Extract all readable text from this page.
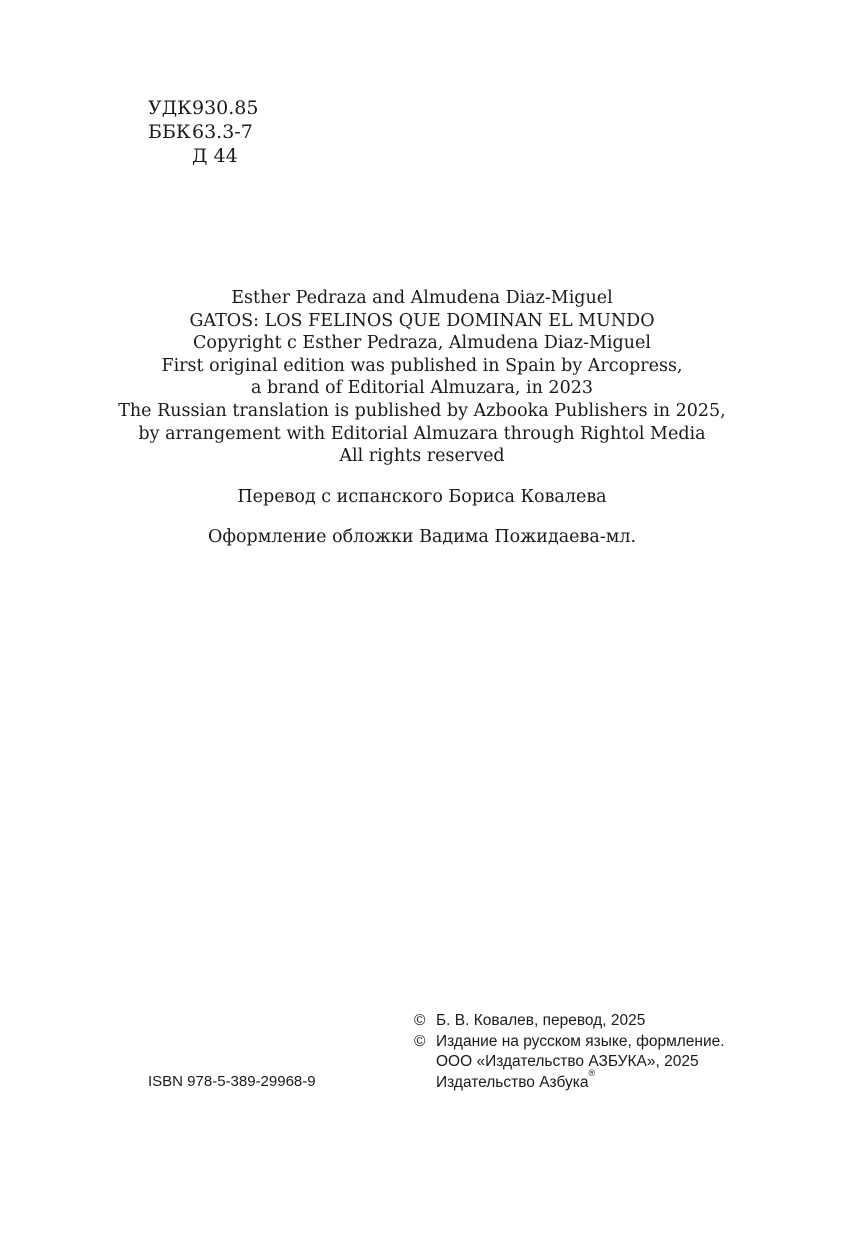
УДК 930.85
ББК 63.3-7
Д 44
Esther Pedraza and Almudena Diaz-Miguel
GATOS: LOS FELINOS QUE DOMINAN EL MUNDO
Copyright с Esther Pedraza, Almudena Diaz-Miguel
First original edition was published in Spain by Arcopress,
a brand of Editorial Almuzara, in 2023
The Russian translation is published by Azbooka Publishers in 2025,
by arrangement with Editorial Almuzara through Rightol Media
All rights reserved
Перевод с испанского Бориса Ковалева
Оформление обложки Вадима Пожидаева-мл.
ISBN 978-5-389-29968-9
© Б. В. Ковалев, перевод, 2025
© Издание на русском языке, формление.
ООО «Издательство АЗБУКА», 2025
Издательство Азбука
®
